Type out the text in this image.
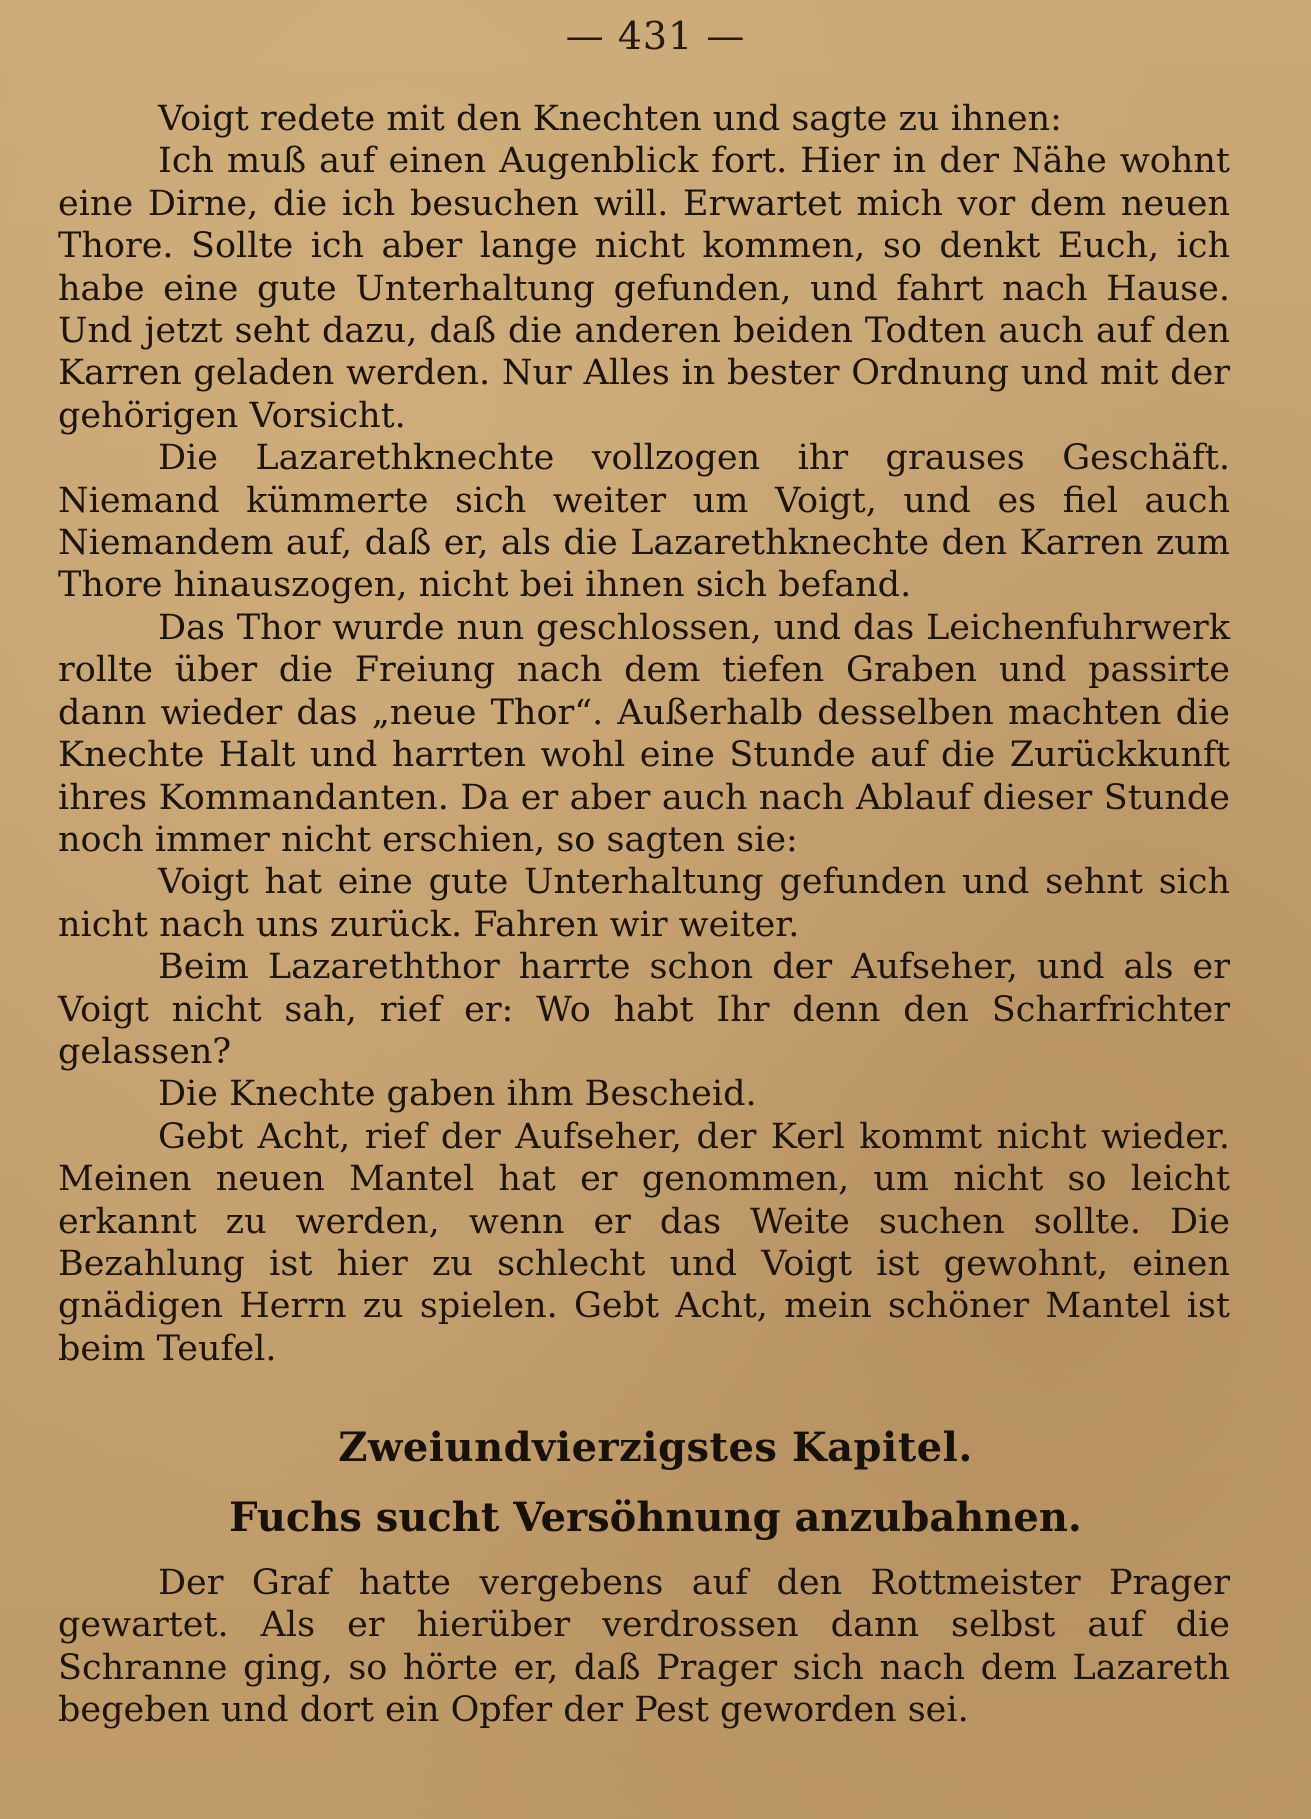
— 431 —

Voigt redete mit den Knechten und sagte zu ihnen:

Ich muß auf einen Augenblick fort. Hier in der Nähe wohnt eine Dirne, die ich besuchen will. Erwartet mich vor dem neuen Thore. Sollte ich aber lange nicht kommen, so denkt Euch, ich habe eine gute Unterhaltung gefunden, und fahrt nach Hause. Und jetzt seht dazu, daß die anderen beiden Todten auch auf den Karren geladen werden. Nur Alles in bester Ordnung und mit der gehörigen Vorsicht.

Die Lazarethknechte vollzogen ihr grauses Geschäft. Niemand kümmerte sich weiter um Voigt, und es fiel auch Niemandem auf, daß er, als die Lazarethknechte den Karren zum Thore hinauszogen, nicht bei ihnen sich befand.

Das Thor wurde nun geschlossen, und das Leichenfuhrwerk rollte über die Freiung nach dem tiefen Graben und passirte dann wieder das „neue Thor“. Außerhalb desselben machten die Knechte Halt und harrten wohl eine Stunde auf die Zurückkunft ihres Kommandanten. Da er aber auch nach Ablauf dieser Stunde noch immer nicht erschien, so sagten sie:

Voigt hat eine gute Unterhaltung gefunden und sehnt sich nicht nach uns zurück. Fahren wir weiter.

Beim Lazareththor harrte schon der Aufseher, und als er Voigt nicht sah, rief er: Wo habt Ihr denn den Scharfrichter gelassen?

Die Knechte gaben ihm Bescheid.

Gebt Acht, rief der Aufseher, der Kerl kommt nicht wieder. Meinen neuen Mantel hat er genommen, um nicht so leicht erkannt zu werden, wenn er das Weite suchen sollte. Die Bezahlung ist hier zu schlecht und Voigt ist gewohnt, einen gnädigen Herrn zu spielen. Gebt Acht, mein schöner Mantel ist beim Teufel.

Zweiundvierzigstes Kapitel.
Fuchs sucht Versöhnung anzubahnen.

Der Graf hatte vergebens auf den Rottmeister Prager gewartet. Als er hierüber verdrossen dann selbst auf die Schranne ging, so hörte er, daß Prager sich nach dem Lazareth begeben und dort ein Opfer der Pest geworden sei.
